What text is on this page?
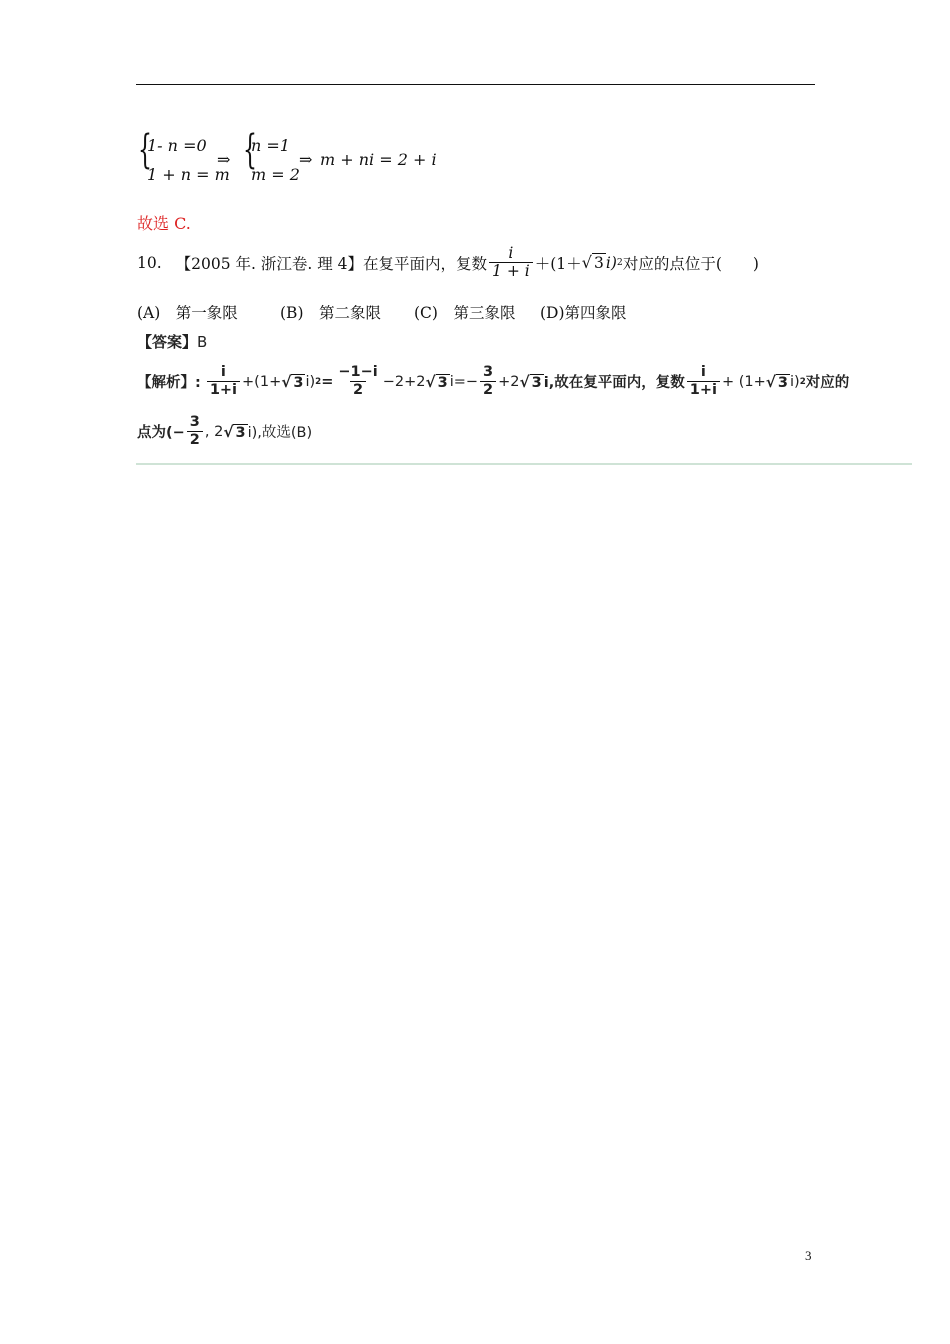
{
1- n =0
1 + n = m
⇒ {
n =1
m = 2
⇒ m + ni = 2 + i
故选 C.
10. 【2005 年. 浙江卷. 理 4】 在复平面内，复数 $\frac{i}{1 + i} +(1+$ √ 3 i) 2 对应的点位于(　　)
(A)　第一象限	(B)　第二象限 (C)　第三象限 (D)第四象限
【答案】B
【解析】: $\frac{i}{1+i} +(1+$ √ 3 i) $2 = \frac{-1-i}{2} -2+2$ √ 3 $i=- \frac{3}{2} +2$ √ 3 i,故在复平面内，复数 $\frac{i}{1+i} + (1+$ √ 3 i) 2 对应的
点为(− $\frac{3}{2}$ , 2 √ 3 i),故选(B)
3
